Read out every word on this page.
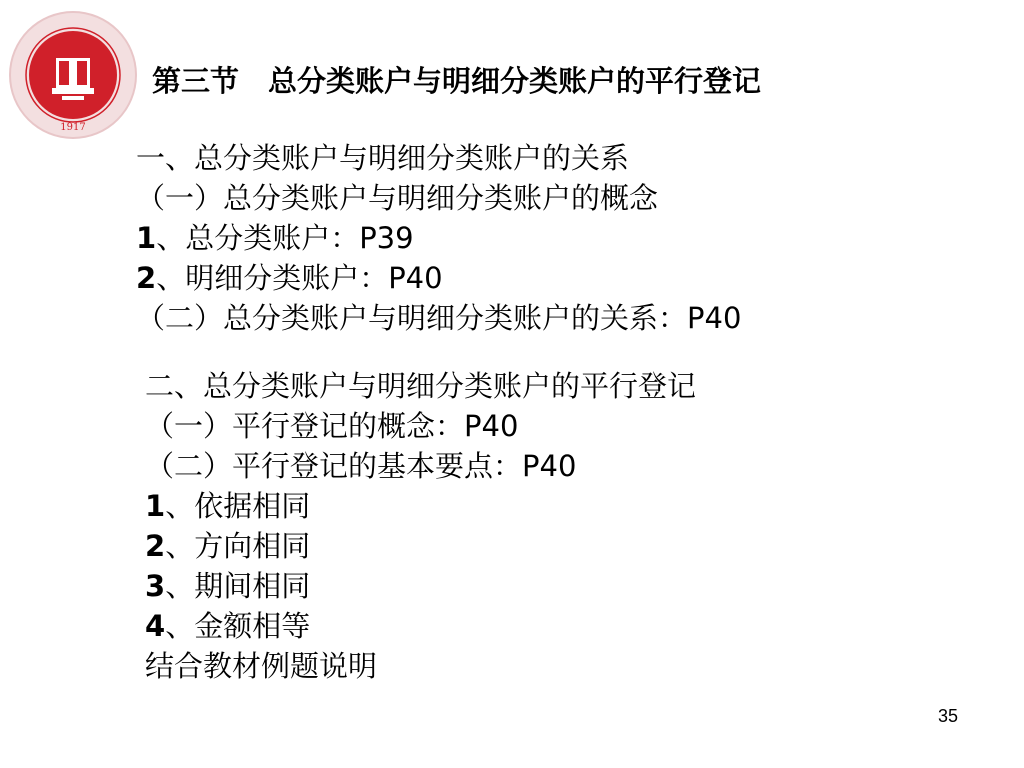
1917
第三节　总分类账户与明细分类账户的平行登记
一、总分类账户与明细分类账户的关系
（一）总分类账户与明细分类账户的概念
1、总分类账户：P39
2、明细分类账户：P40
（二）总分类账户与明细分类账户的关系：P40
二、总分类账户与明细分类账户的平行登记
（一）平行登记的概念：P40
（二）平行登记的基本要点：P40
1、依据相同
2、方向相同
3、期间相同
4、金额相等
结合教材例题说明
35
